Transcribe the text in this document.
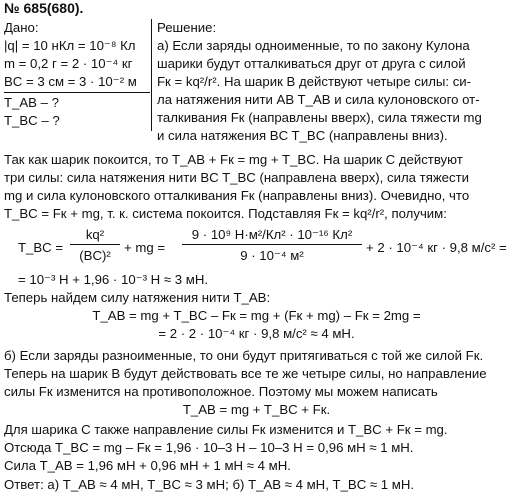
№ 685(680).
Дано:
|q| = 10 нКл = 10⁻⁸ Кл
m = 0,2 г = 2 · 10⁻⁴ кг
BC = 3 см = 3 · 10⁻² м
T_AB – ?
T_BC – ?
Решение:
а) Если заряды одноименные, то по закону Кулона
шарики будут отталкиваться друг от друга с силой
Fк = kq²/r². На шарик B действуют четыре силы: си-
ла натяжения нити AB T_AB и сила кулоновского от-
талкивания Fк (направлены вверх), сила тяжести mg
и сила натяжения BC T_BC (направлены вниз).
Так как шарик покоится, то T_AB + Fк = mg + T_BC. На шарик C действуют
три силы: сила натяжения нити BC T_BC (направлена вверх), сила тяжести
mg и сила кулоновского отталкивания Fк (направлены вниз). Очевидно, что
T_BC = Fк + mg, т. к. система покоится. Подставляя Fк = kq²/r², получим:
T_BC =
kq²
(BC)²
+ mg =
9 · 10⁹ Н·м²/Кл² · 10⁻¹⁶ Кл²
9 · 10⁻⁴ м²
+ 2 · 10⁻⁴ кг · 9,8 м/с² =
= 10⁻³ Н + 1,96 · 10⁻³ Н ≈ 3 мН.
Теперь найдем силу натяжения нити T_AB:
T_AB = mg + T_BC – Fк = mg + (Fк + mg) – Fк = 2mg =
= 2 · 2 · 10⁻⁴ кг · 9,8 м/с² ≈ 4 мН.
б) Если заряды разноименные, то они будут притягиваться с той же силой Fк.
Теперь на шарик B будут действовать все те же четыре силы, но направление
силы Fк изменится на противоположное. Поэтому мы можем написать
T_AB = mg + T_BC + Fк.
Для шарика C также направление силы Fк изменится и T_BC + Fк = mg.
Отсюда T_BC = mg – Fк = 1,96 · 10–3 Н – 10–3 Н = 0,96 мН ≈ 1 мН.
Сила T_AB = 1,96 мН + 0,96 мН + 1 мН ≈ 4 мН.
Ответ: а) T_AB ≈ 4 мН, T_BC ≈ 3 мН; б) T_AB ≈ 4 мН, T_BC ≈ 1 мН.
